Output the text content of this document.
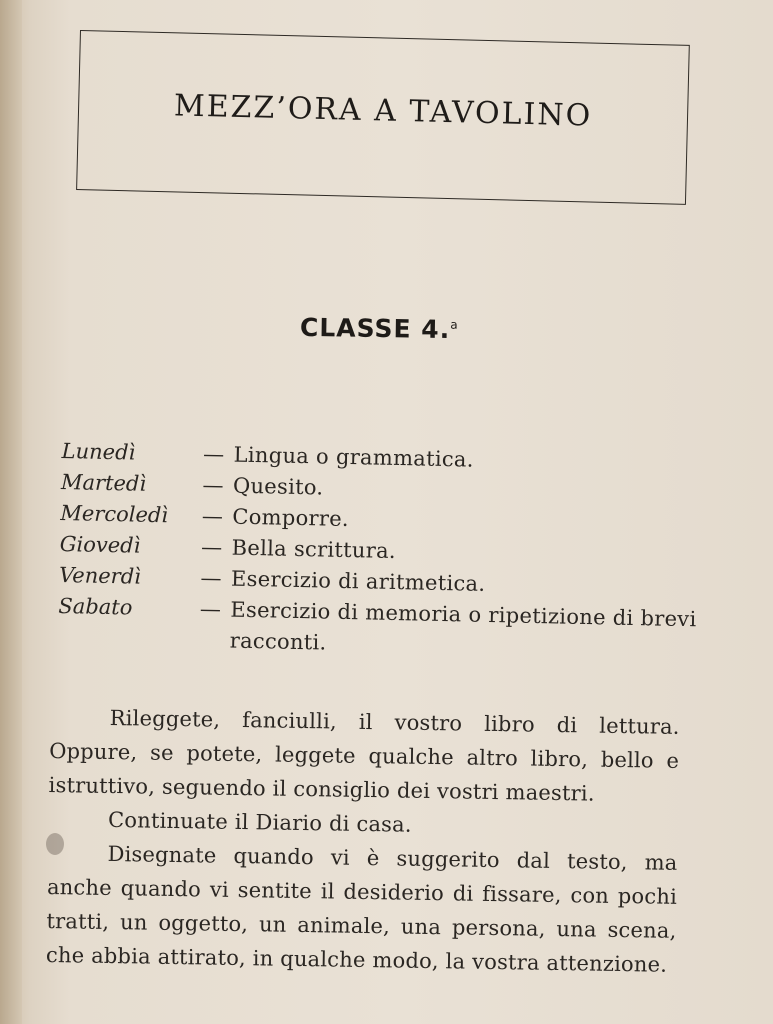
MEZZ’ORA A TAVOLINO
CLASSE 4.$^a$
Lunedì	— Lingua o grammatica.
Martedì	— Quesito.
Mercoledì	— Comporre.
Giovedì	— Bella scrittura.
Venerdì	— Esercizio di aritmetica.
Sabato	— Esercizio di memoria o ripetizione di brevi racconti.

Rileggete, fanciulli, il vostro libro di lettura. Oppure, se potete, leggete qualche altro libro, bello e istruttivo, seguendo il consiglio dei vostri maestri.

Continuate il Diario di casa.

Disegnate quando vi è suggerito dal testo, ma anche quando vi sentite il desiderio di fissare, con pochi tratti, un oggetto, un animale, una persona, una scena, che abbia attirato, in qualche modo, la vostra attenzione.
